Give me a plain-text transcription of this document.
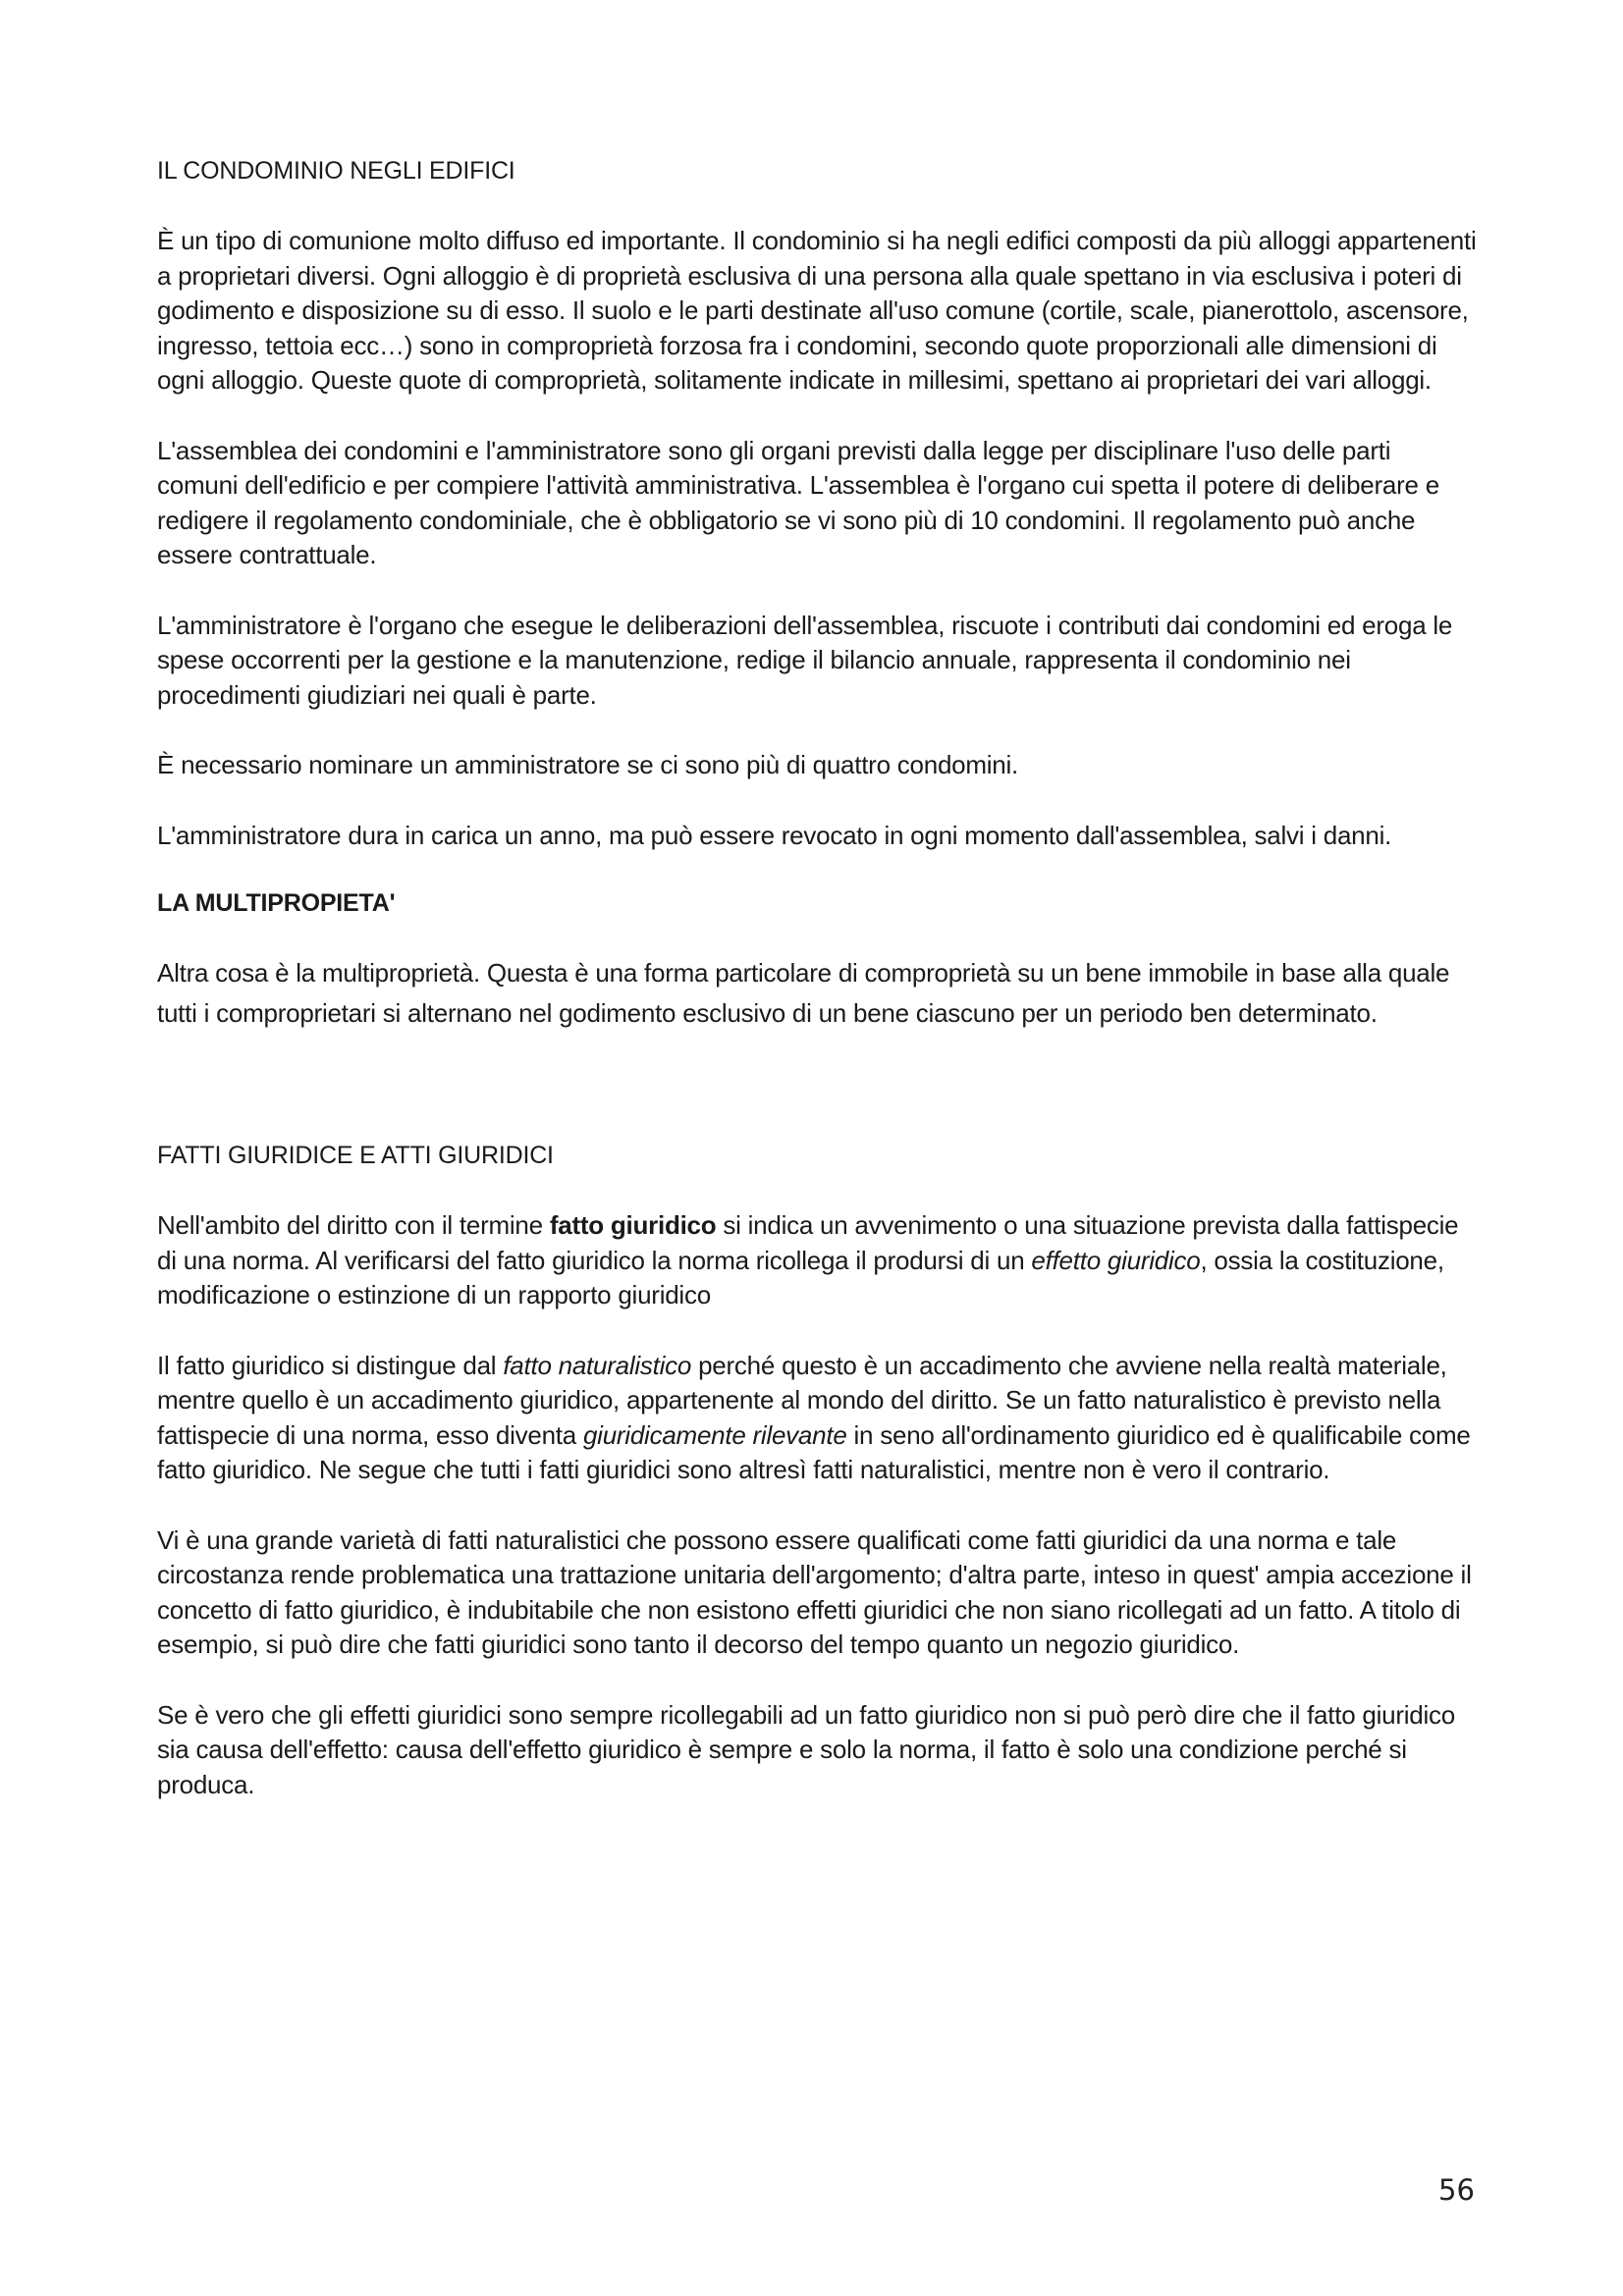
IL CONDOMINIO NEGLI EDIFICI

È un tipo di comunione molto diffuso ed importante. Il condominio si ha negli edifici composti da più alloggi appartenenti a proprietari diversi. Ogni alloggio è di proprietà esclusiva di una persona alla quale spettano in via esclusiva i poteri di godimento e disposizione su di esso. Il suolo e le parti destinate all'uso comune (cortile, scale, pianerottolo, ascensore, ingresso, tettoia ecc…) sono in comproprietà forzosa fra i condomini, secondo quote proporzionali alle dimensioni di ogni alloggio. Queste quote di comproprietà, solitamente indicate in millesimi, spettano ai proprietari dei vari alloggi.

L'assemblea dei condomini e l'amministratore sono gli organi previsti dalla legge per disciplinare l'uso delle parti comuni dell'edificio e per compiere l'attività amministrativa. L'assemblea è l'organo cui spetta il potere di deliberare e redigere il regolamento condominiale, che è obbligatorio se vi sono più di 10 condomini. Il regolamento può anche essere contrattuale.

L'amministratore è l'organo che esegue le deliberazioni dell'assemblea, riscuote i contributi dai condomini ed eroga le spese occorrenti per la gestione e la manutenzione, redige il bilancio annuale, rappresenta il condominio nei procedimenti giudiziari nei quali è parte.

È necessario nominare un amministratore se ci sono più di quattro condomini.

L'amministratore dura in carica un anno, ma può essere revocato in ogni momento dall'assemblea, salvi i danni.

LA MULTIPROPIETA'

Altra cosa è la multiproprietà. Questa è una forma particolare di comproprietà su un bene immobile in base alla quale tutti i comproprietari si alternano nel godimento esclusivo di un bene ciascuno per un periodo ben determinato.

FATTI GIURIDICE E ATTI GIURIDICI

Nell'ambito del diritto con il termine fatto giuridico si indica un avvenimento o una situazione prevista dalla fattispecie di una norma. Al verificarsi del fatto giuridico la norma ricollega il prodursi di un effetto giuridico, ossia la costituzione, modificazione o estinzione di un rapporto giuridico

Il fatto giuridico si distingue dal fatto naturalistico perché questo è un accadimento che avviene nella realtà materiale, mentre quello è un accadimento giuridico, appartenente al mondo del diritto. Se un fatto naturalistico è previsto nella fattispecie di una norma, esso diventa giuridicamente rilevante in seno all'ordinamento giuridico ed è qualificabile come fatto giuridico. Ne segue che tutti i fatti giuridici sono altresì fatti naturalistici, mentre non è vero il contrario.

Vi è una grande varietà di fatti naturalistici che possono essere qualificati come fatti giuridici da una norma e tale circostanza rende problematica una trattazione unitaria dell'argomento; d'altra parte, inteso in quest' ampia accezione il concetto di fatto giuridico, è indubitabile che non esistono effetti giuridici che non siano ricollegati ad un fatto. A titolo di esempio, si può dire che fatti giuridici sono tanto il decorso del tempo quanto un negozio giuridico.

Se è vero che gli effetti giuridici sono sempre ricollegabili ad un fatto giuridico non si può però dire che il fatto giuridico sia causa dell'effetto: causa dell'effetto giuridico è sempre e solo la norma, il fatto è solo una condizione perché si produca.

56
